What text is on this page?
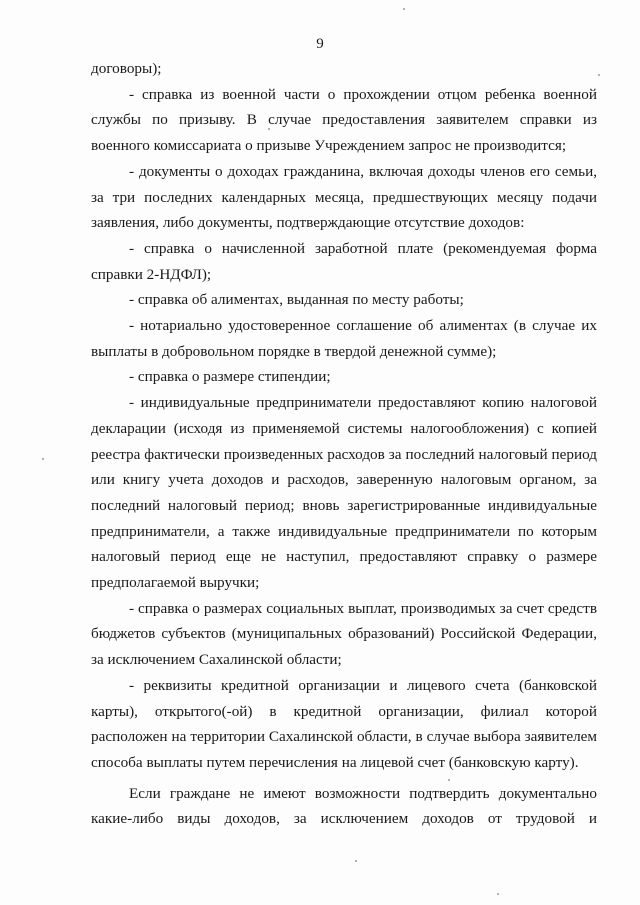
9

договоры);

- справка из военной части о прохождении отцом ребенка военной службы по призыву. В случае предоставления заявителем справки из военного комиссариата о призыве Учреждением запрос не производится;

- документы о доходах гражданина, включая доходы членов его семьи, за три последних календарных месяца, предшествующих месяцу подачи заявления, либо документы, подтверждающие отсутствие доходов:

- справка о начисленной заработной плате (рекомендуемая форма справки 2-НДФЛ);

- справка об алиментах, выданная по месту работы;

- нотариально удостоверенное соглашение об алиментах (в случае их выплаты в добровольном порядке в твердой денежной сумме);

- справка о размере стипендии;

- индивидуальные предприниматели предоставляют копию налоговой декларации (исходя из применяемой системы налогообложения) с копией реестра фактически произведенных расходов за последний налоговый период или книгу учета доходов и расходов, заверенную налоговым органом, за последний налоговый период; вновь зарегистрированные индивидуальные предприниматели, а также индивидуальные предприниматели по которым налоговый период еще не наступил, предоставляют справку о размере предполагаемой выручки;

- справка о размерах социальных выплат, производимых за счет средств бюджетов субъектов (муниципальных образований) Российской Федерации, за исключением Сахалинской области;

- реквизиты кредитной организации и лицевого счета (банковской карты), открытого(-ой) в кредитной организации, филиал которой расположен на территории Сахалинской области, в случае выбора заявителем способа выплаты путем перечисления на лицевой счет (банковскую карту).

Если граждане не имеют возможности подтвердить документально какие-либо виды доходов, за исключением доходов от трудовой и
